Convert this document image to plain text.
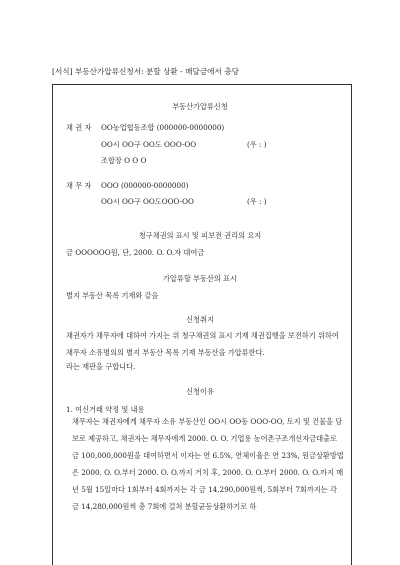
[서식] 부동산가압류신청서: 분할 상환 - 매달금에서 충당
부동산가압류신청
채 권 자 OO농업협동조합 (000000-0000000)
OO시 OO구 OO도 OOO-OO	(우 : )
조합장 O O O
채 무 자 OOO (000000-0000000)
OO시 OO구 OO도OOO-OO	(우 : )
청구채권의 표시 및 피보전 권리의 요지
금 OOOOOO원, 단, 2000. O. O.자 대여금
가압류할 부동산의 표시
별지 부동산 목록 기재와 같음
신청취지
채권자가 채무자에 대하여 가지는 위 청구채권의 표시 기재 채권집행을 보전하기 위하여 채무자 소유명의의 별지 부동산 목록 기재 부동산을 가압류한다.
라는 재판을 구합니다.
신청이유
1. 여신거래 약정 및 내용
채무자는 채권자에게 채무자 소유 부동산인 OO시 OO동 OOO-OO, 토지 및 건물을 담보로 제공하고, 채권자는 채무자에게 2000. O. O. 기업용 농어촌구조개선자금대출로 금 100,000,000원을 대여하면서 이자는 연 6.5%, 연체이율은 연 23%, 원금상환방법은 2000. O. O.부터 2000. O. O.까지 거치 후, 2000. O. O.부터 2000. O. O.까지 매년 5월 15일마다 1회부터 4회까지는 각 금 14,290,000원씩, 5회부터 7회까지는 각 금 14,280,000원씩 총 7회에 걸쳐 분할균등상환하기로 하
